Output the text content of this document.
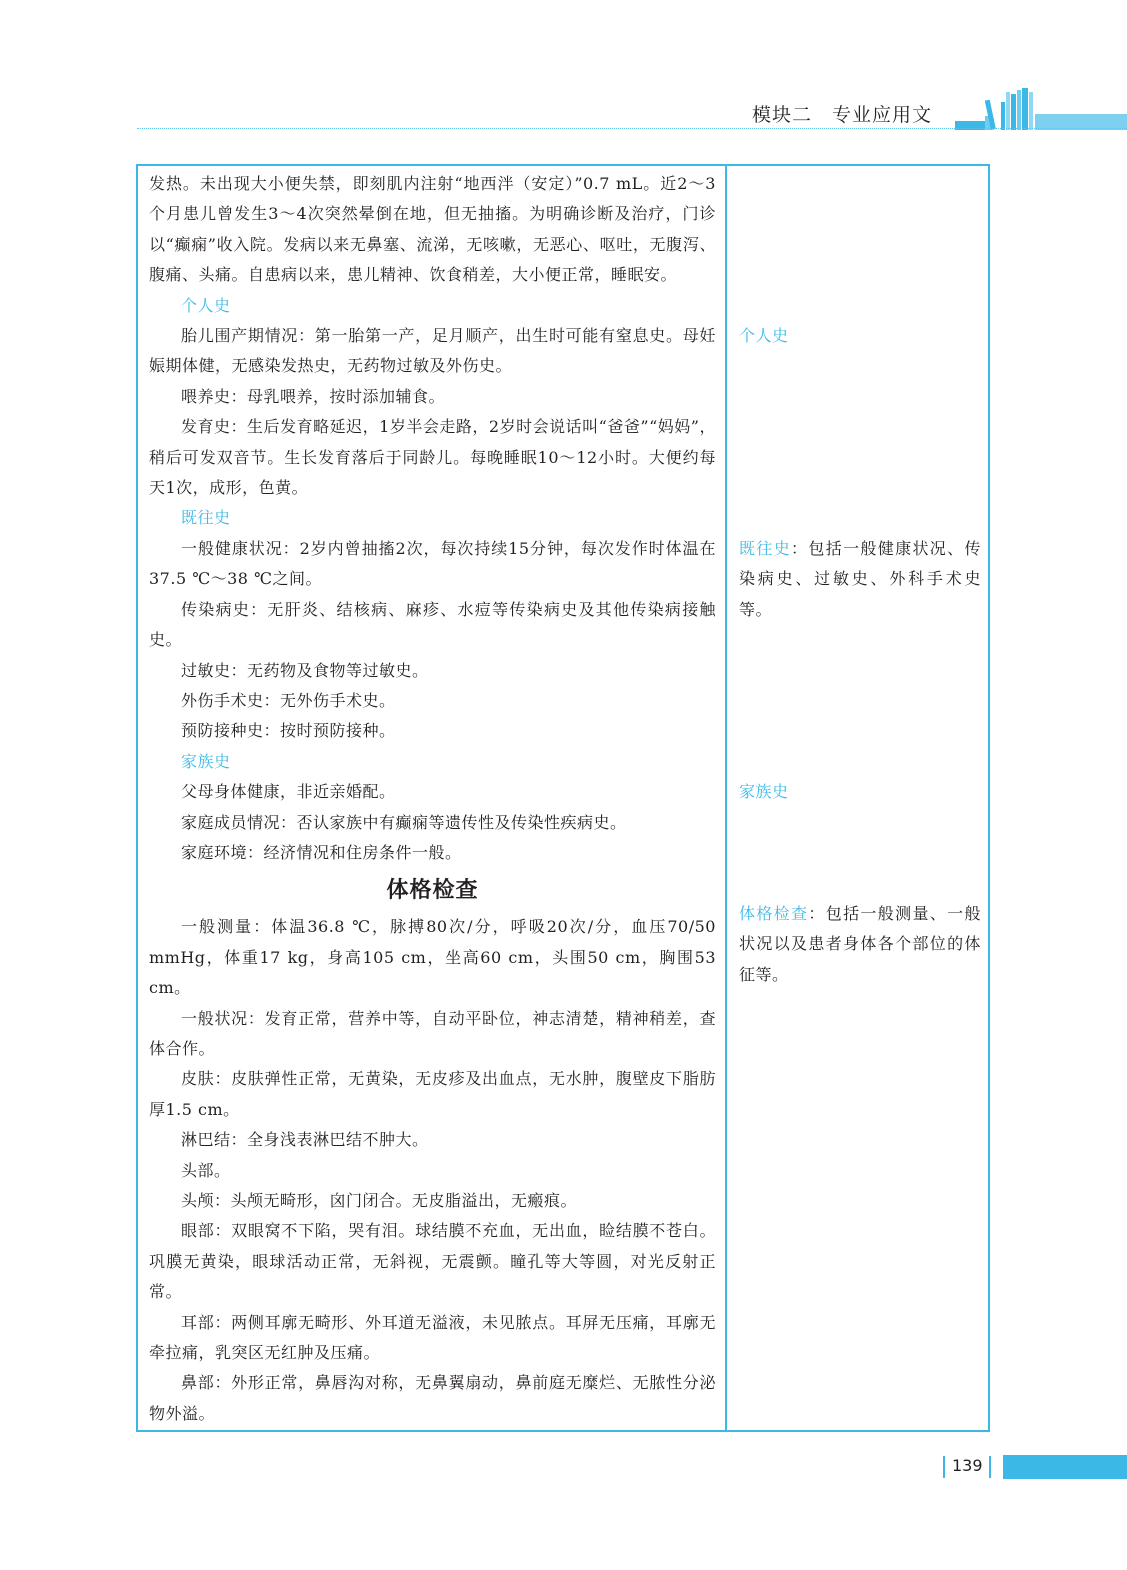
模块二　专业应用文

发热。未出现大小便失禁，即刻肌内注射“地西泮（安定）”0.7 mL。近2～3个月患儿曾发生3～4次突然晕倒在地，但无抽搐。为明确诊断及治疗，门诊以“癫痫”收入院。发病以来无鼻塞、流涕，无咳嗽，无恶心、呕吐，无腹泻、腹痛、头痛。自患病以来，患儿精神、饮食稍差，大小便正常，睡眠安。

个人史

胎儿围产期情况：第一胎第一产，足月顺产，出生时可能有窒息史。母妊娠期体健，无感染发热史，无药物过敏及外伤史。

喂养史：母乳喂养，按时添加辅食。

发育史：生后发育略延迟，1岁半会走路，2岁时会说话叫“爸爸”“妈妈”，稍后可发双音节。生长发育落后于同龄儿。每晚睡眠10～12小时。大便约每天1次，成形，色黄。

既往史

一般健康状况：2岁内曾抽搐2次，每次持续15分钟，每次发作时体温在37.5 ℃～38 ℃之间。

传染病史：无肝炎、结核病、麻疹、水痘等传染病史及其他传染病接触史。

过敏史：无药物及食物等过敏史。

外伤手术史：无外伤手术史。

预防接种史：按时预防接种。

家族史

父母身体健康，非近亲婚配。

家庭成员情况：否认家族中有癫痫等遗传性及传染性疾病史。

家庭环境：经济情况和住房条件一般。

体格检查

一般测量：体温36.8 ℃，脉搏80次/分，呼吸20次/分，血压70/50 mmHg，体重17 kg，身高105 cm，坐高60 cm，头围50 cm，胸围53 cm。

一般状况：发育正常，营养中等，自动平卧位，神志清楚，精神稍差，查体合作。

皮肤：皮肤弹性正常，无黄染，无皮疹及出血点，无水肿，腹壁皮下脂肪厚1.5 cm。

淋巴结：全身浅表淋巴结不肿大。

头部。

头颅：头颅无畸形，囟门闭合。无皮脂溢出，无瘢痕。

眼部：双眼窝不下陷，哭有泪。球结膜不充血，无出血，睑结膜不苍白。巩膜无黄染，眼球活动正常，无斜视，无震颤。瞳孔等大等圆，对光反射正常。

耳部：两侧耳廓无畸形、外耳道无溢液，未见脓点。耳屏无压痛，耳廓无牵拉痛，乳突区无红肿及压痛。

鼻部：外形正常，鼻唇沟对称，无鼻翼扇动，鼻前庭无糜烂、无脓性分泌物外溢。

个人史

既往史：包括一般健康状况、传染病史、过敏史、外科手术史等。

家族史

体格检查：包括一般测量、一般状况以及患者身体各个部位的体征等。

139
